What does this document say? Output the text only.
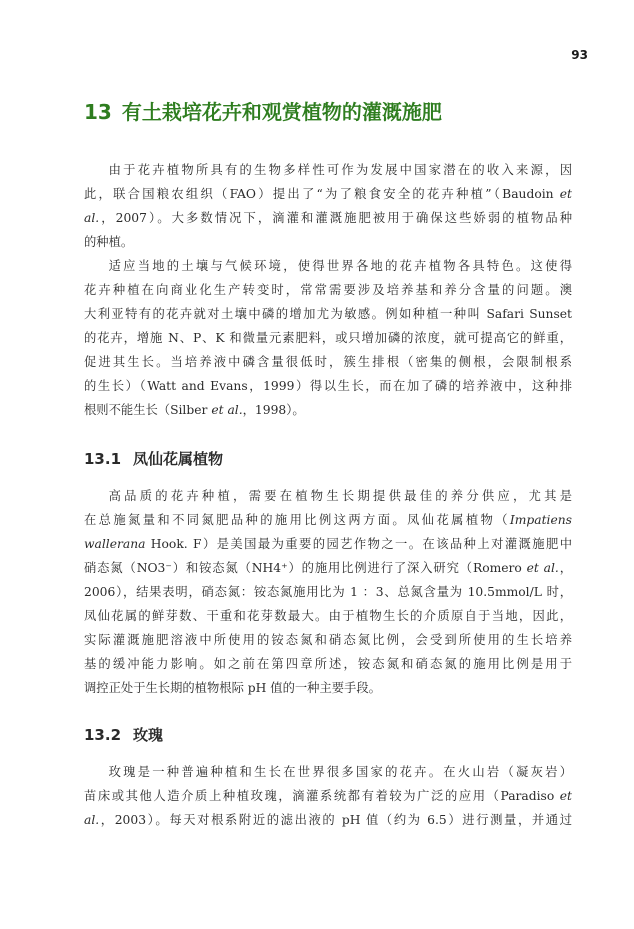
93
13 有土栽培花卉和观赏植物的灌溉施肥
由于花卉植物所具有的生物多样性可作为发展中国家潜在的收入来源，因
此，联合国粮农组织（FAO）提出了“为了粮食安全的花卉种植”（Baudoin et
al.，2007）。大多数情况下，滴灌和灌溉施肥被用于确保这些娇弱的植物品种
的种植。
适应当地的土壤与气候环境，使得世界各地的花卉植物各具特色。这使得
花卉种植在向商业化生产转变时，常常需要涉及培养基和养分含量的问题。澳
大利亚特有的花卉就对土壤中磷的增加尤为敏感。例如种植一种叫 Safari Sunset
的花卉，增施 N、P、K 和微量元素肥料，或只增加磷的浓度，就可提高它的鲜重，
促进其生长。当培养液中磷含量很低时，簇生排根（密集的侧根，会限制根系
的生长）（Watt and Evans，1999）得以生长，而在加了磷的培养液中，这种排
根则不能生长（Silber et al.，1998）。
13.1 凤仙花属植物
高品质的花卉种植，需要在植物生长期提供最佳的养分供应，尤其是
在总施氮量和不同氮肥品种的施用比例这两方面。凤仙花属植物（Impatiens
wallerana Hook. F）是美国最为重要的园艺作物之一。在该品种上对灌溉施肥中
硝态氮（NO3⁻）和铵态氮（NH4⁺）的施用比例进行了深入研究（Romero et al.，
2006），结果表明，硝态氮：铵态氮施用比为 1 ：3、总氮含量为 10.5mmol/L 时，
凤仙花属的鲜芽数、干重和花芽数最大。由于植物生长的介质原自于当地，因此，
实际灌溉施肥溶液中所使用的铵态氮和硝态氮比例，会受到所使用的生长培养
基的缓冲能力影响。如之前在第四章所述，铵态氮和硝态氮的施用比例是用于
调控正处于生长期的植物根际 pH 值的一种主要手段。
13.2 玫瑰
玫瑰是一种普遍种植和生长在世界很多国家的花卉。在火山岩（凝灰岩）
苗床或其他人造介质上种植玫瑰，滴灌系统都有着较为广泛的应用（Paradiso et
al.，2003）。每天对根系附近的滤出液的 pH 值（约为 6.5）进行测量，并通过
